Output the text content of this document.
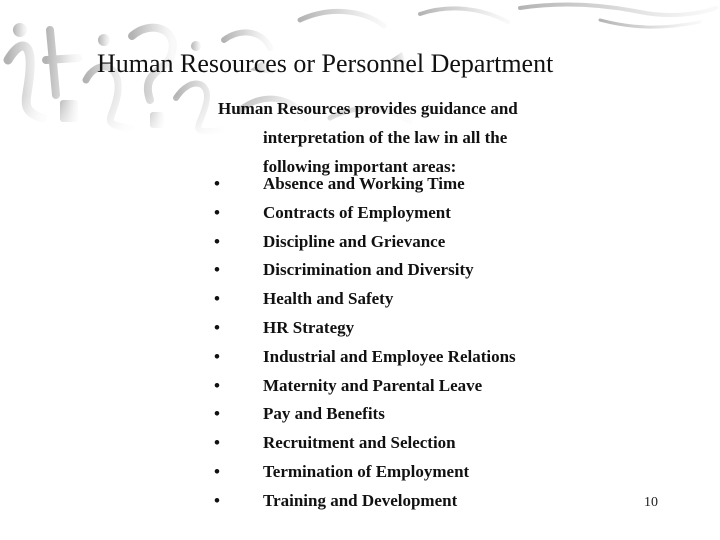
Human Resources or Personnel Department
Human Resources provides guidance and
interpretation of the law in all the
following important areas:
•	Absence and Working Time
•	Contracts of Employment
•	Discipline and Grievance
•	Discrimination and Diversity
•	Health and Safety
•	HR Strategy
•	Industrial and Employee Relations
•	Maternity and Parental Leave
•	Pay and Benefits
•	Recruitment and Selection
•	Termination of Employment
•	Training and Development	10
